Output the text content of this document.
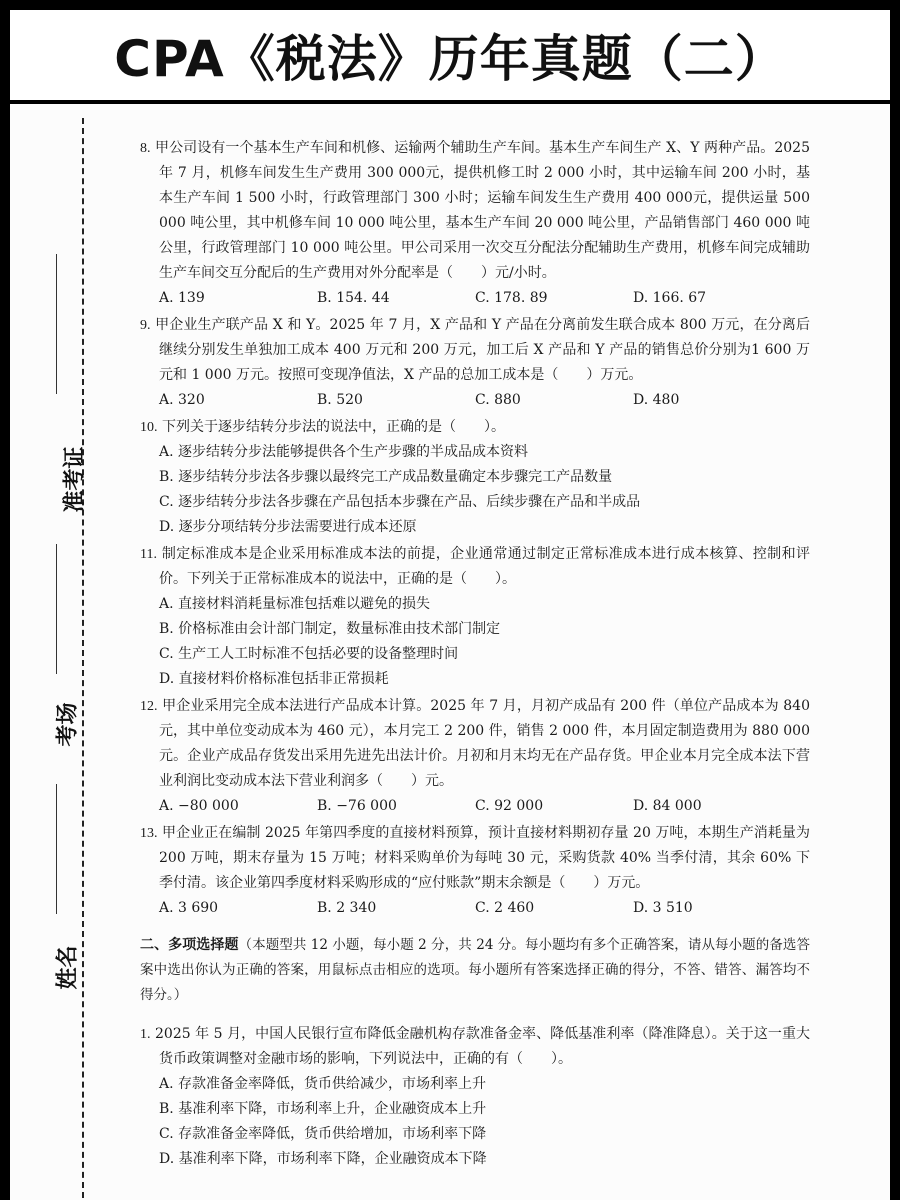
CPA《税法》历年真题（二）
准考证
考场
姓名

8. 甲公司设有一个基本生产车间和机修、运输两个辅助生产车间。基本生产车间生产 X、Y 两种产品。2025 年 7 月，机修车间发生生产费用 300 000元，提供机修工时 2 000 小时，其中运输车间 200 小时，基本生产车间 1 500 小时，行政管理部门 300 小时；运输车间发生生产费用 400 000元，提供运量 500 000 吨公里，其中机修车间 10 000 吨公里，基本生产车间 20 000 吨公里，产品销售部门 460 000 吨公里，行政管理部门 10 000 吨公里。甲公司采用一次交互分配法分配辅助生产费用，机修车间完成辅助生产车间交互分配后的生产费用对外分配率是（　　）元/小时。

A. 139	B. 154. 44	C. 178. 89	D. 166. 67

9. 甲企业生产联产品 X 和 Y。2025 年 7 月，X 产品和 Y 产品在分离前发生联合成本 800 万元，在分离后继续分别发生单独加工成本 400 万元和 200 万元，加工后 X 产品和 Y 产品的销售总价分别为1 600 万元和 1 000 万元。按照可变现净值法，X 产品的总加工成本是（　　）万元。

A. 320	B. 520	C. 880	D. 480

10. 下列关于逐步结转分步法的说法中，正确的是（　　）。

A. 逐步结转分步法能够提供各个生产步骤的半成品成本资料
B. 逐步结转分步法各步骤以最终完工产成品数量确定本步骤完工产品数量
C. 逐步结转分步法各步骤在产品包括本步骤在产品、后续步骤在产品和半成品
D. 逐步分项结转分步法需要进行成本还原

11. 制定标准成本是企业采用标准成本法的前提，企业通常通过制定正常标准成本进行成本核算、控制和评价。下列关于正常标准成本的说法中，正确的是（　　）。

A. 直接材料消耗量标准包括难以避免的损失
B. 价格标准由会计部门制定，数量标准由技术部门制定
C. 生产工人工时标准不包括必要的设备整理时间
D. 直接材料价格标准包括非正常损耗

12. 甲企业采用完全成本法进行产品成本计算。2025 年 7 月，月初产成品有 200 件（单位产品成本为 840元，其中单位变动成本为 460 元），本月完工 2 200 件，销售 2 000 件，本月固定制造费用为 880 000 元。企业产成品存货发出采用先进先出法计价。月初和月末均无在产品存货。甲企业本月完全成本法下营业利润比变动成本法下营业利润多（　　）元。

A. −80 000	B. −76 000	C. 92 000	D. 84 000

13. 甲企业正在编制 2025 年第四季度的直接材料预算，预计直接材料期初存量 20 万吨，本期生产消耗量为 200 万吨，期末存量为 15 万吨；材料采购单价为每吨 30 元，采购货款 40% 当季付清，其余 60% 下季付清。该企业第四季度材料采购形成的“应付账款”期末余额是（　　）万元。

A. 3 690	B. 2 340	C. 2 460	D. 3 510

二、多项选择题（本题型共 12 小题，每小题 2 分，共 24 分。每小题均有多个正确答案，请从每小题的备选答案中选出你认为正确的答案，用鼠标点击相应的选项。每小题所有答案选择正确的得分，不答、错答、漏答均不得分。）

1. 2025 年 5 月，中国人民银行宣布降低金融机构存款准备金率、降低基准利率（降准降息）。关于这一重大货币政策调整对金融市场的影响，下列说法中，正确的有（　　）。

A. 存款准备金率降低，货币供给减少，市场利率上升
B. 基准利率下降，市场利率上升，企业融资成本上升
C. 存款准备金率降低，货币供给增加，市场利率下降
D. 基准利率下降，市场利率下降，企业融资成本下降
